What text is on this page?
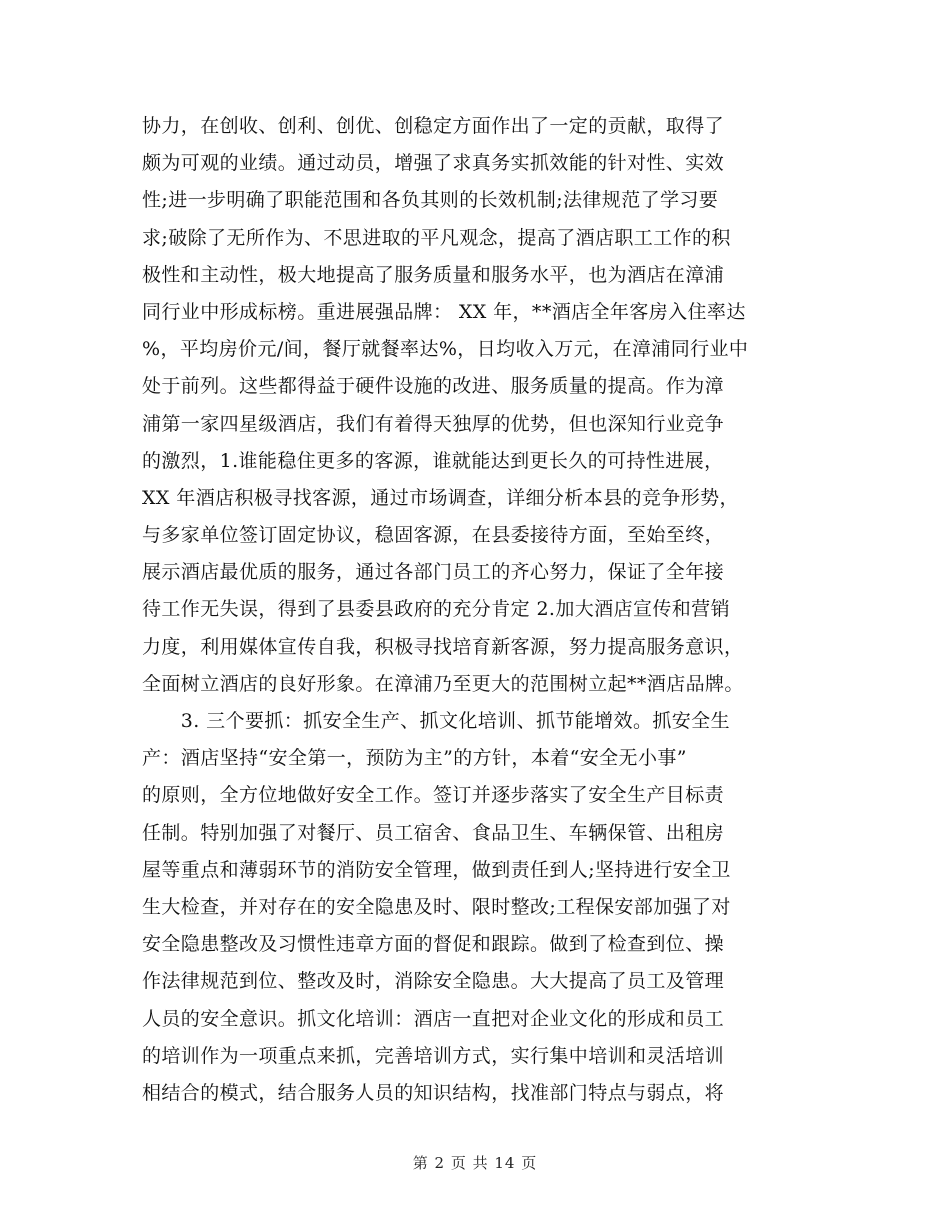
协力，在创收、创利、创优、创稳定方面作出了一定的贡献，取得了
颇为可观的业绩。通过动员，增强了求真务实抓效能的针对性、实效
性;进一步明确了职能范围和各负其则的长效机制;法律规范了学习要
求;破除了无所作为、不思进取的平凡观念，提高了酒店职工工作的积
极性和主动性，极大地提高了服务质量和服务水平，也为酒店在漳浦
同行业中形成标榜。重进展强品牌： XX 年，**酒店全年客房入住率达
%，平均房价元/间，餐厅就餐率达%，日均收入万元，在漳浦同行业中
处于前列。这些都得益于硬件设施的改进、服务质量的提高。作为漳
浦第一家四星级酒店，我们有着得天独厚的优势，但也深知行业竞争
的激烈，1.谁能稳住更多的客源，谁就能达到更长久的可持性进展，
XX 年酒店积极寻找客源，通过市场调查，详细分析本县的竞争形势，
与多家单位签订固定协议，稳固客源，在县委接待方面，至始至终，
展示酒店最优质的服务，通过各部门员工的齐心努力，保证了全年接
待工作无失误，得到了县委县政府的充分肯定 2.加大酒店宣传和营销
力度，利用媒体宣传自我，积极寻找培育新客源，努力提高服务意识，
全面树立酒店的良好形象。在漳浦乃至更大的范围树立起**酒店品牌。
　　3. 三个要抓：抓安全生产、抓文化培训、抓节能增效。抓安全生
产：酒店坚持“安全第一，预防为主”的方针，本着“安全无小事”
的原则，全方位地做好安全工作。签订并逐步落实了安全生产目标责
任制。特别加强了对餐厅、员工宿舍、食品卫生、车辆保管、出租房
屋等重点和薄弱环节的消防安全管理，做到责任到人;坚持进行安全卫
生大检查，并对存在的安全隐患及时、限时整改;工程保安部加强了对
安全隐患整改及习惯性违章方面的督促和跟踪。做到了检查到位、操
作法律规范到位、整改及时，消除安全隐患。大大提高了员工及管理
人员的安全意识。抓文化培训：酒店一直把对企业文化的形成和员工
的培训作为一项重点来抓，完善培训方式，实行集中培训和灵活培训
相结合的模式，结合服务人员的知识结构，找准部门特点与弱点，将
第 2 页 共 14 页
